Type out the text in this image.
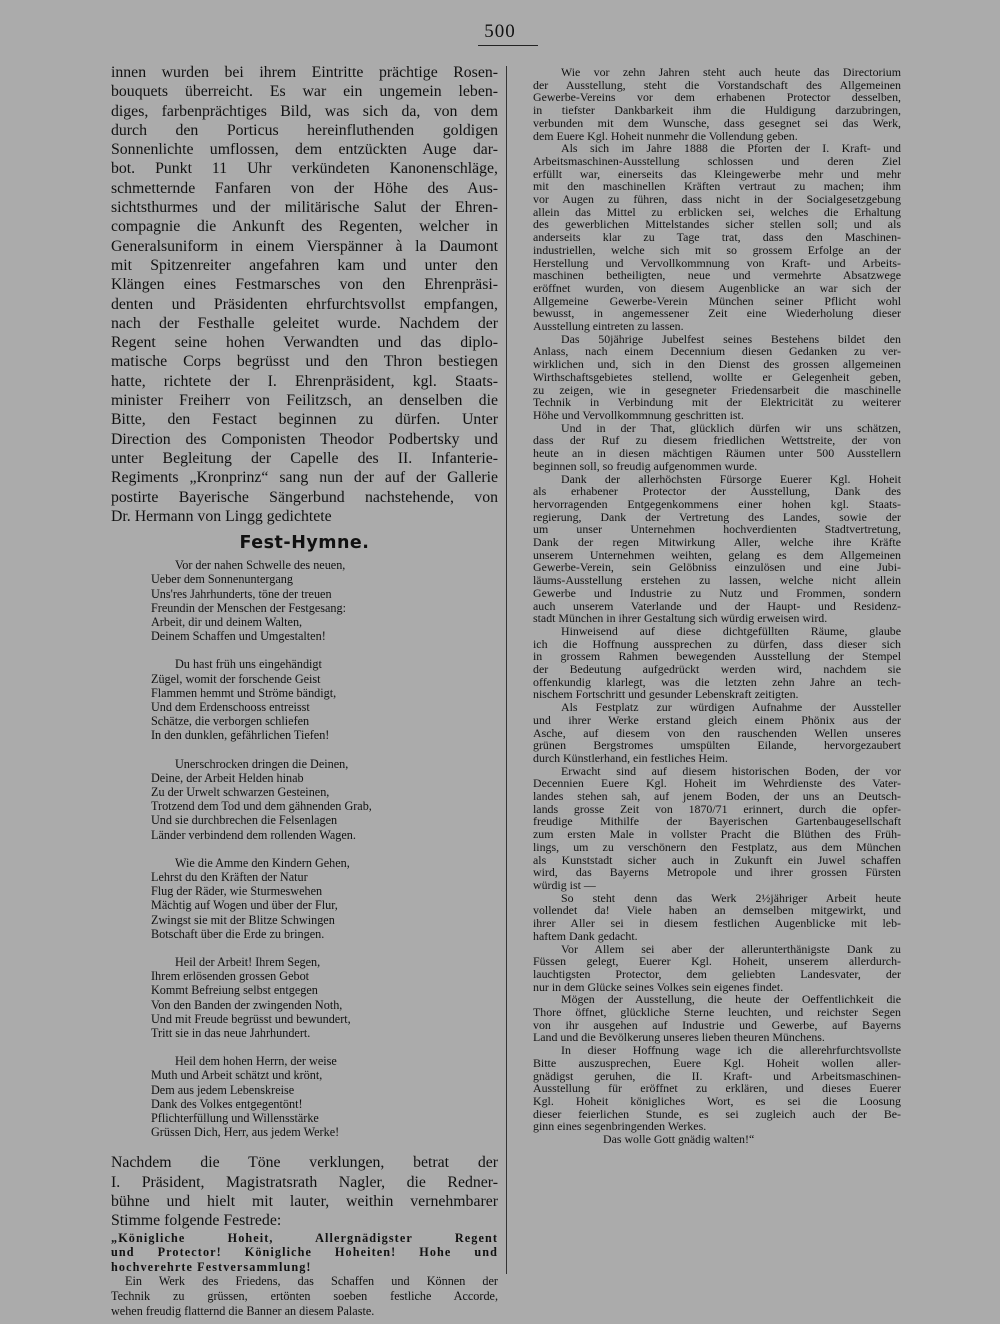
500

innen wurden bei ihrem Eintritte prächtige Rosen-
bouquets überreicht. Es war ein ungemein leben-
diges, farbenprächtiges Bild, was sich da, von dem
durch den Porticus hereinfluthenden goldigen
Sonnenlichte umflossen, dem entzückten Auge dar-
bot. Punkt 11 Uhr verkündeten Kanonenschläge,
schmetternde Fanfaren von der Höhe des Aus-
sichtsthurmes und der militärische Salut der Ehren-
compagnie die Ankunft des Regenten, welcher in
Generalsuniform in einem Vierspänner à la Daumont
mit Spitzenreiter angefahren kam und unter den
Klängen eines Festmarsches von den Ehrenpräsi-
denten und Präsidenten ehrfurchtsvollst empfangen,
nach der Festhalle geleitet wurde. Nachdem der
Regent seine hohen Verwandten und das diplo-
matische Corps begrüsst und den Thron bestiegen
hatte, richtete der I. Ehrenpräsident, kgl. Staats-
minister Freiherr von Feilitzsch, an denselben die
Bitte, den Festact beginnen zu dürfen. Unter
Direction des Componisten Theodor Podbertsky und
unter Begleitung der Capelle des II. Infanterie-
Regiments „Kronprinz“ sang nun der auf der Gallerie
postirte Bayerische Sängerbund nachstehende, von
Dr. Hermann von Lingg gedichtete

Fest-Hymne.
Vor der nahen Schwelle des neuen,
Ueber dem Sonnenuntergang
Uns'res Jahrhunderts, töne der treuen
Freundin der Menschen der Festgesang:
Arbeit, dir und deinem Walten,
Deinem Schaffen und Umgestalten!
Du hast früh uns eingehändigt
Zügel, womit der forschende Geist
Flammen hemmt und Ströme bändigt,
Und dem Erdenschooss entreisst
Schätze, die verborgen schliefen
In den dunklen, gefährlichen Tiefen!
Unerschrocken dringen die Deinen,
Deine, der Arbeit Helden hinab
Zu der Urwelt schwarzen Gesteinen,
Trotzend dem Tod und dem gähnenden Grab,
Und sie durchbrechen die Felsenlagen
Länder verbindend dem rollenden Wagen.
Wie die Amme den Kindern Gehen,
Lehrst du den Kräften der Natur
Flug der Räder, wie Sturmeswehen
Mächtig auf Wogen und über der Flur,
Zwingst sie mit der Blitze Schwingen
Botschaft über die Erde zu bringen.
Heil der Arbeit! Ihrem Segen,
Ihrem erlösenden grossen Gebot
Kommt Befreiung selbst entgegen
Von den Banden der zwingenden Noth,
Und mit Freude begrüsst und bewundert,
Tritt sie in das neue Jahrhundert.
Heil dem hohen Herrn, der weise
Muth und Arbeit schätzt und krönt,
Dem aus jedem Lebenskreise
Dank des Volkes entgegentönt!
Pflichterfüllung und Willensstärke
Grüssen Dich, Herr, aus jedem Werke!

Nachdem die Töne verklungen, betrat der
I. Präsident, Magistratsrath Nagler, die Redner-
bühne und hielt mit lauter, weithin vernehmbarer
Stimme folgende Festrede:

„Königliche Hoheit, Allergnädigster Regent
und Protector! Königliche Hoheiten! Hohe und
hochverehrte Festversammlung!
Ein Werk des Friedens, das Schaffen und Können der
Technik zu grüssen, ertönten soeben festliche Accorde,
wehen freudig flatternd die Banner an diesem Palaste.

Wie vor zehn Jahren steht auch heute das Directorium
der Ausstellung, steht die Vorstandschaft des Allgemeinen
Gewerbe-Vereins vor dem erhabenen Protector desselben,
in tiefster Dankbarkeit ihm die Huldigung darzubringen,
verbunden mit dem Wunsche, dass gesegnet sei das Werk,
dem Euere Kgl. Hoheit nunmehr die Vollendung geben.

Als sich im Jahre 1888 die Pforten der I. Kraft- und
Arbeitsmaschinen-Ausstellung schlossen und deren Ziel
erfüllt war, einerseits das Kleingewerbe mehr und mehr
mit den maschinellen Kräften vertraut zu machen; ihm
vor Augen zu führen, dass nicht in der Socialgesetzgebung
allein das Mittel zu erblicken sei, welches die Erhaltung
des gewerblichen Mittelstandes sicher stellen soll; und als
anderseits klar zu Tage trat, dass den Maschinen-
industriellen, welche sich mit so grossem Erfolge an der
Herstellung und Vervollkommnung von Kraft- und Arbeits-
maschinen betheiligten, neue und vermehrte Absatzwege
eröffnet wurden, von diesem Augenblicke an war sich der
Allgemeine Gewerbe-Verein München seiner Pflicht wohl
bewusst, in angemessener Zeit eine Wiederholung dieser
Ausstellung eintreten zu lassen.

Das 50jährige Jubelfest seines Bestehens bildet den
Anlass, nach einem Decennium diesen Gedanken zu ver-
wirklichen und, sich in den Dienst des grossen allgemeinen
Wirthschaftsgebietes stellend, wollte er Gelegenheit geben,
zu zeigen, wie in gesegneter Friedensarbeit die maschinelle
Technik in Verbindung mit der Elektricität zu weiterer
Höhe und Vervollkommnung geschritten ist.

Und in der That, glücklich dürfen wir uns schätzen,
dass der Ruf zu diesem friedlichen Wettstreite, der von
heute an in diesen mächtigen Räumen unter 500 Ausstellern
beginnen soll, so freudig aufgenommen wurde.

Dank der allerhöchsten Fürsorge Euerer Kgl. Hoheit
als erhabener Protector der Ausstellung, Dank des
hervorragenden Entgegenkommens einer hohen kgl. Staats-
regierung, Dank der Vertretung des Landes, sowie der
um unser Unternehmen hochverdienten Stadtvertretung,
Dank der regen Mitwirkung Aller, welche ihre Kräfte
unserem Unternehmen weihten, gelang es dem Allgemeinen
Gewerbe-Verein, sein Gelöbniss einzulösen und eine Jubi-
läums-Ausstellung erstehen zu lassen, welche nicht allein
Gewerbe und Industrie zu Nutz und Frommen, sondern
auch unserem Vaterlande und der Haupt- und Residenz-
stadt München in ihrer Gestaltung sich würdig erweisen wird.

Hinweisend auf diese dichtgefüllten Räume, glaube
ich die Hoffnung aussprechen zu dürfen, dass dieser sich
in grossem Rahmen bewegenden Ausstellung der Stempel
der Bedeutung aufgedrückt werden wird, nachdem sie
offenkundig klarlegt, was die letzten zehn Jahre an tech-
nischem Fortschritt und gesunder Lebenskraft zeitigten.

Als Festplatz zur würdigen Aufnahme der Aussteller
und ihrer Werke erstand gleich einem Phönix aus der
Asche, auf diesem von den rauschenden Wellen unseres
grünen Bergstromes umspülten Eilande, hervorgezaubert
durch Künstlerhand, ein festliches Heim.

Erwacht sind auf diesem historischen Boden, der vor
Decennien Euere Kgl. Hoheit im Wehrdienste des Vater-
landes stehen sah, auf jenem Boden, der uns an Deutsch-
lands grosse Zeit von 1870/71 erinnert, durch die opfer-
freudige Mithilfe der Bayerischen Gartenbaugesellschaft
zum ersten Male in vollster Pracht die Blüthen des Früh-
lings, um zu verschönern den Festplatz, aus dem München
als Kunststadt sicher auch in Zukunft ein Juwel schaffen
wird, das Bayerns Metropole und ihrer grossen Fürsten
würdig ist —

So steht denn das Werk 2½jähriger Arbeit heute
vollendet da! Viele haben an demselben mitgewirkt, und
ihrer Aller sei in diesem festlichen Augenblicke mit leb-
haftem Dank gedacht.

Vor Allem sei aber der allerunterthänigste Dank zu
Füssen gelegt, Euerer Kgl. Hoheit, unserem allerdurch-
lauchtigsten Protector, dem geliebten Landesvater, der
nur in dem Glücke seines Volkes sein eigenes findet.

Mögen der Ausstellung, die heute der Oeffentlichkeit die
Thore öffnet, glückliche Sterne leuchten, und reichster Segen
von ihr ausgehen auf Industrie und Gewerbe, auf Bayerns
Land und die Bevölkerung unseres lieben theuren Münchens.

In dieser Hoffnung wage ich die allerehrfurchtsvollste
Bitte auszusprechen, Euere Kgl. Hoheit wollen aller-
gnädigst geruhen, die II. Kraft- und Arbeitsmaschinen-
Ausstellung für eröffnet zu erklären, und dieses Euerer
Kgl. Hoheit königliches Wort, es sei die Loosung
dieser feierlichen Stunde, es sei zugleich auch der Be-
ginn eines segenbringenden Werkes.

Das wolle Gott gnädig walten!“
